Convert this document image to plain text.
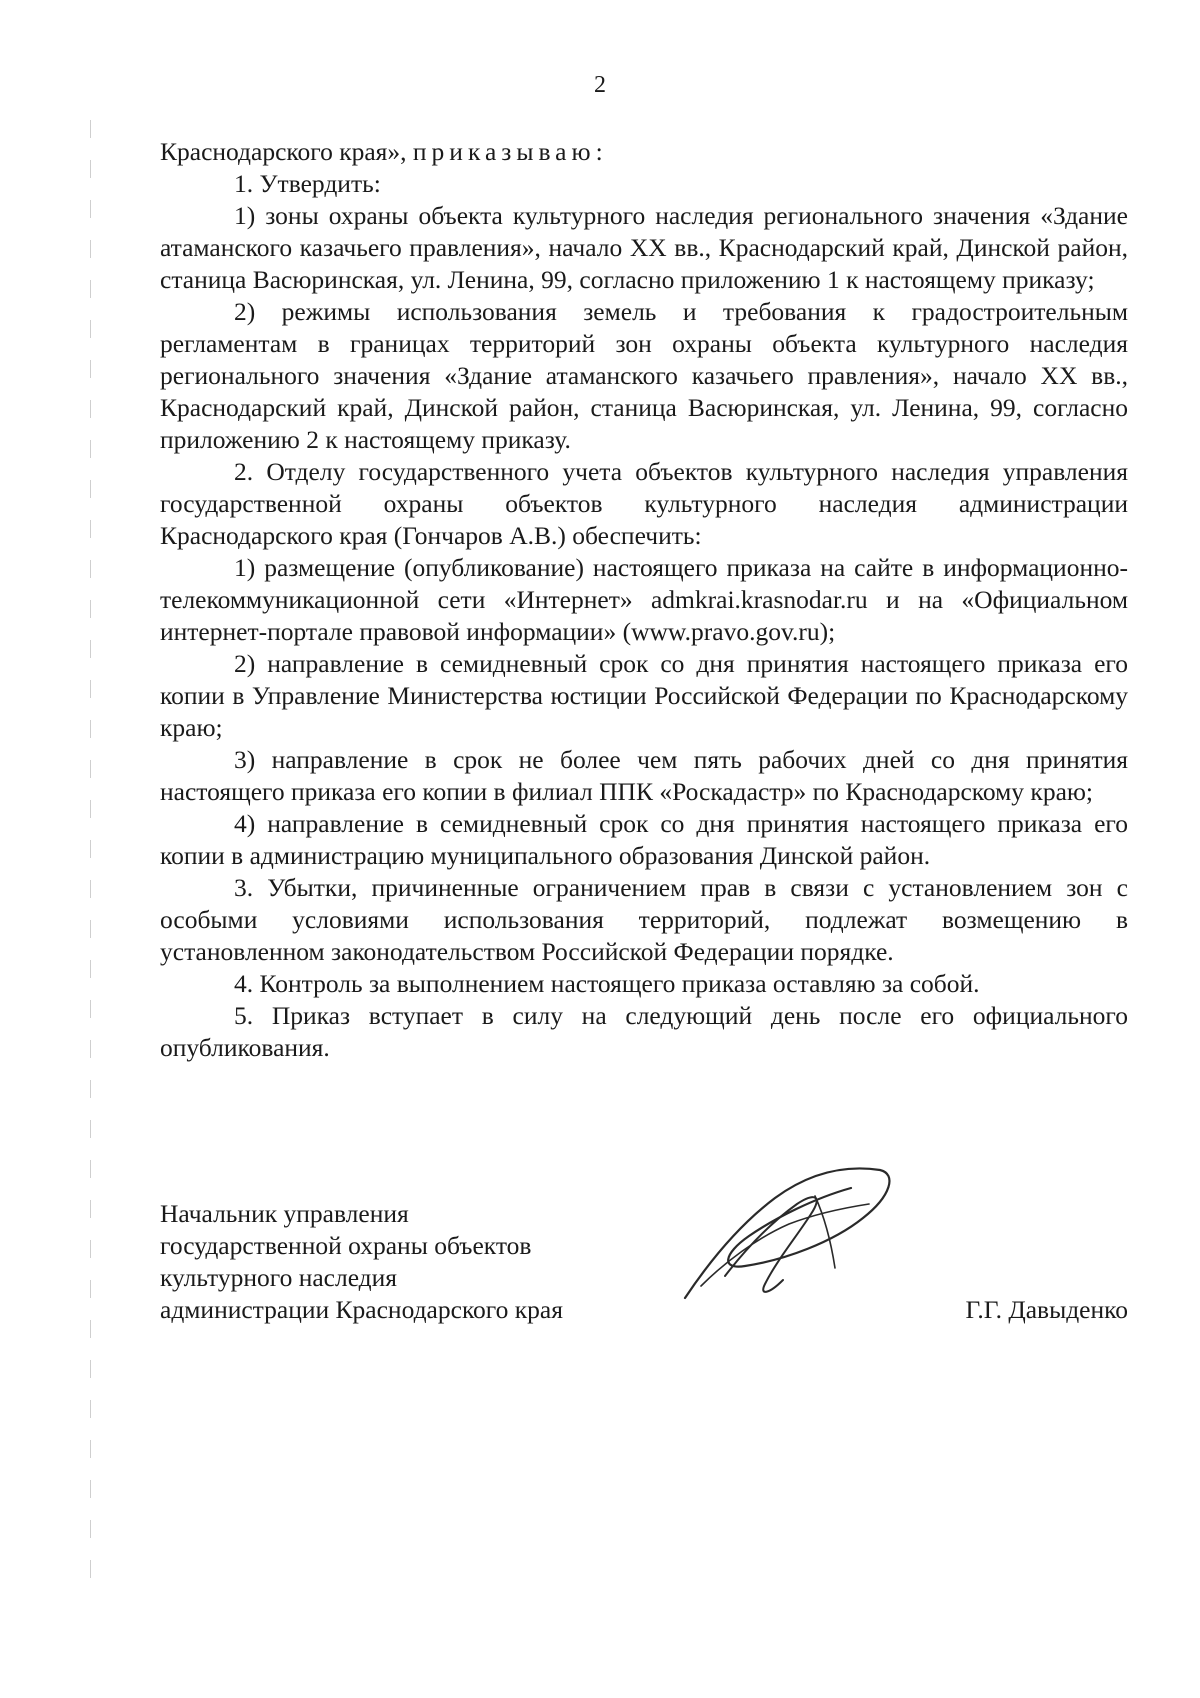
2

Краснодарского края», приказываю:

1. Утвердить:

1) зоны охраны объекта культурного наследия регионального значения «Здание атаманского казачьего правления», начало XX вв., Краснодарский край, Динской район, станица Васюринская, ул. Ленина, 99, согласно приложению 1 к настоящему приказу;

2) режимы использования земель и требования к градостроительным регламентам в границах территорий зон охраны объекта культурного наследия регионального значения «Здание атаманского казачьего правления», начало XX вв., Краснодарский край, Динской район, станица Васюринская, ул. Ленина, 99, согласно приложению 2 к настоящему приказу.

2. Отделу государственного учета объектов культурного наследия управления государственной охраны объектов культурного наследия администрации Краснодарского края (Гончаров А.В.) обеспечить:

1) размещение (опубликование) настоящего приказа на сайте в информационно-телекоммуникационной сети «Интернет» admkrai.krasnodar.ru и на «Официальном интернет-портале правовой информации» (www.pravo.gov.ru);

2) направление в семидневный срок со дня принятия настоящего приказа его копии в Управление Министерства юстиции Российской Федерации по Краснодарскому краю;

3) направление в срок не более чем пять рабочих дней со дня принятия настоящего приказа его копии в филиал ППК «Роскадастр» по Краснодарскому краю;

4) направление в семидневный срок со дня принятия настоящего приказа его копии в администрацию муниципального образования Динской район.

3. Убытки, причиненные ограничением прав в связи с установлением зон с особыми условиями использования территорий, подлежат возмещению в установленном законодательством Российской Федерации порядке.

4. Контроль за выполнением настоящего приказа оставляю за собой.

5. Приказ вступает в силу на следующий день после его официального опубликования.

Начальник управления
государственной охраны объектов
культурного наследия
администрации Краснодарского края	Г.Г. Давыденко
